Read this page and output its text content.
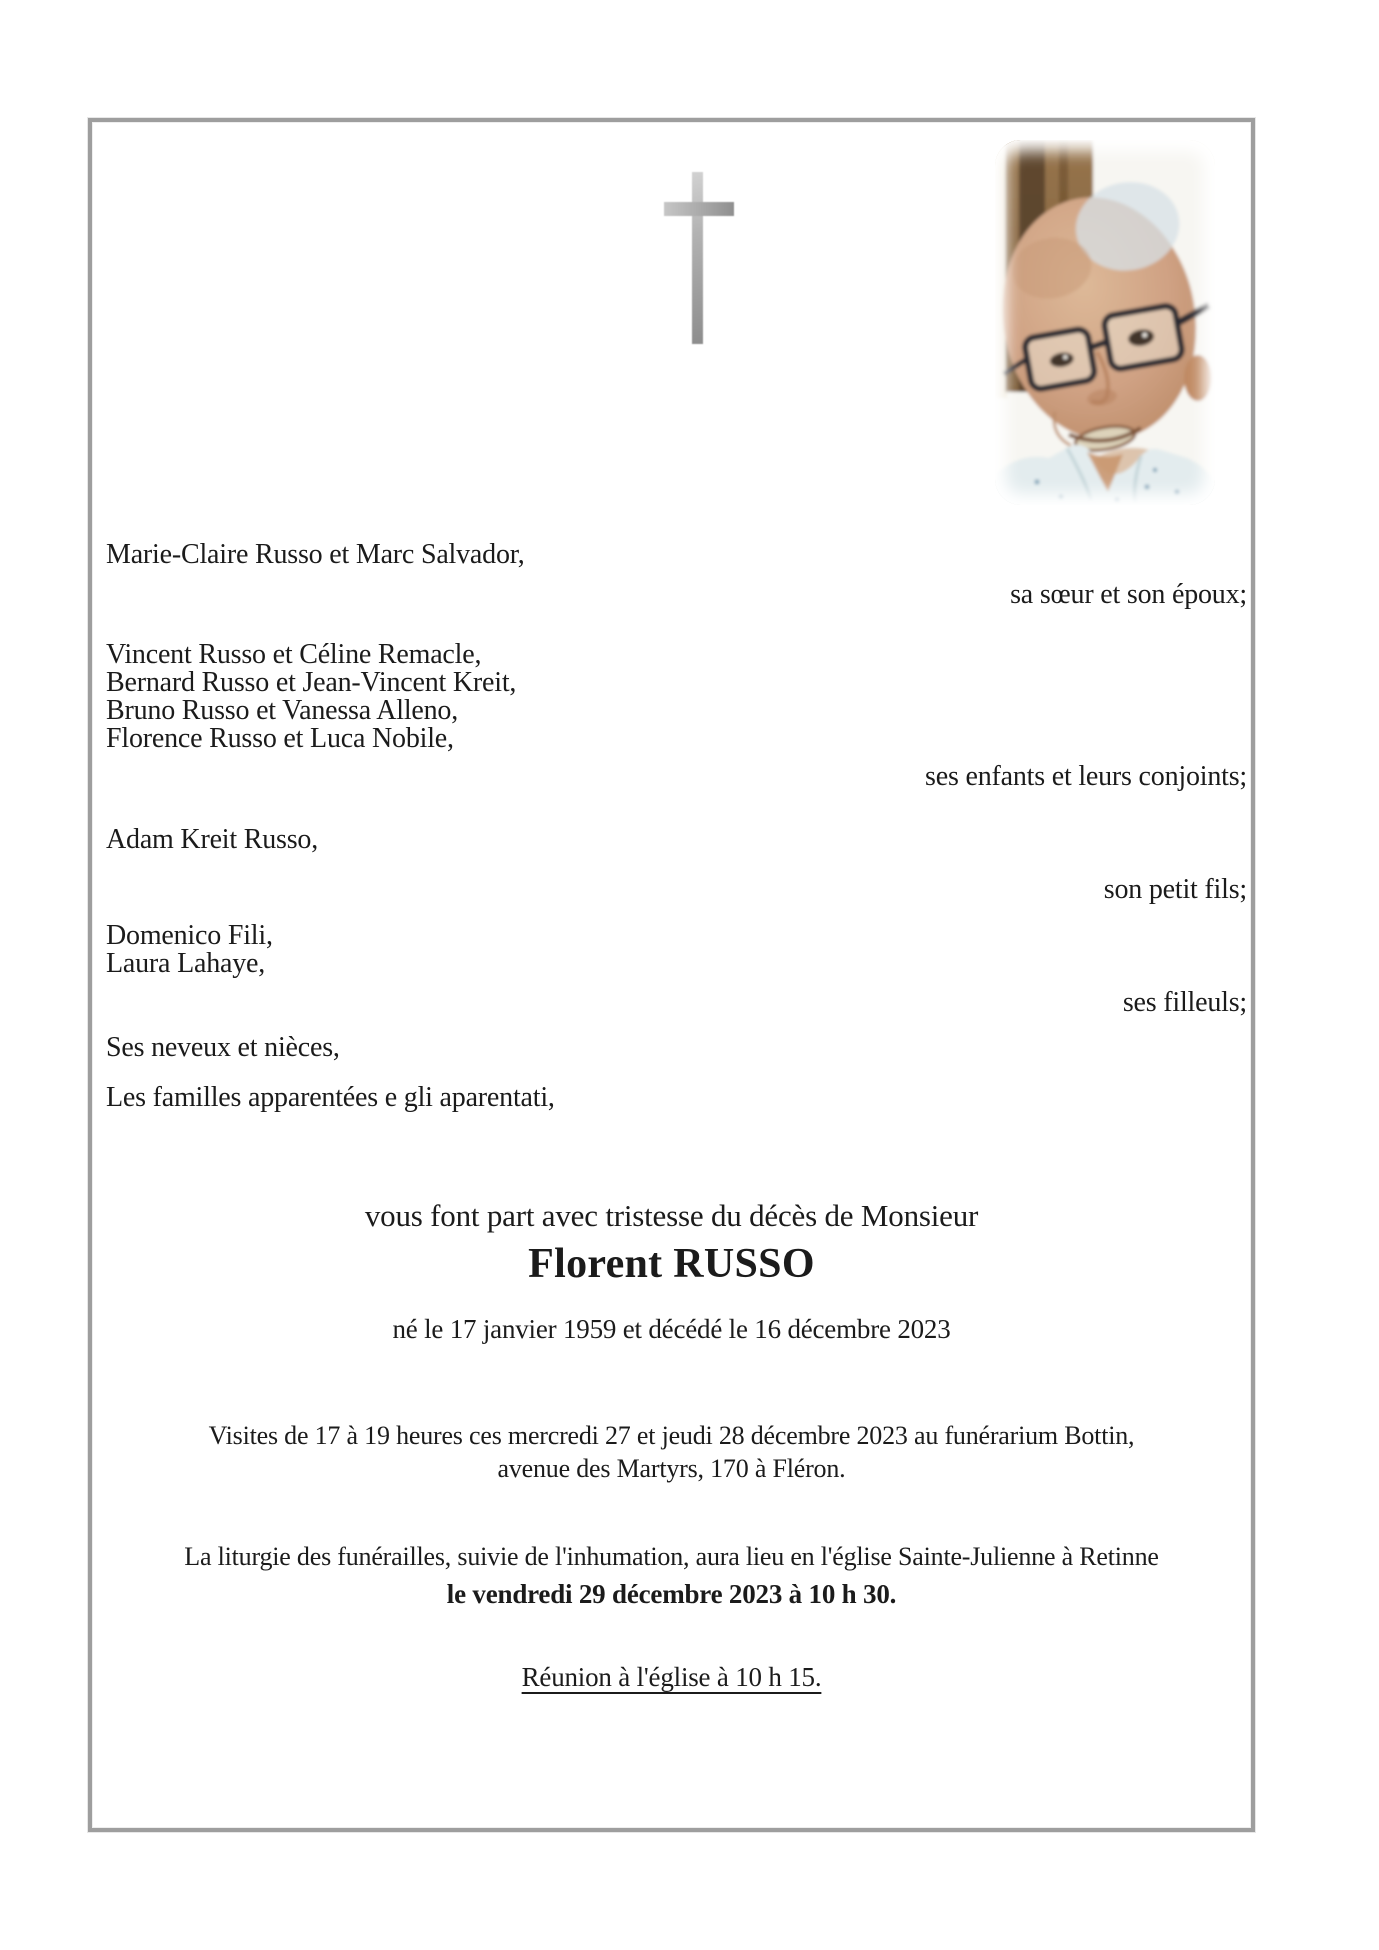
Marie-Claire Russo et Marc Salvador,
sa sœur et son époux;
Vincent Russo et Céline Remacle,
Bernard Russo et Jean-Vincent Kreit,
Bruno Russo et Vanessa Alleno,
Florence Russo et Luca Nobile,
ses enfants et leurs conjoints;
Adam Kreit Russo,
son petit fils;
Domenico Fili,
Laura Lahaye,
ses filleuls;
Ses neveux et nièces,
Les familles apparentées e gli aparentati,
vous font part avec tristesse du décès de Monsieur
Florent RUSSO
né le 17 janvier 1959 et décédé le 16 décembre 2023
Visites de 17 à 19 heures ces mercredi 27 et jeudi 28 décembre 2023 au funérarium Bottin,
avenue des Martyrs, 170 à Fléron.
La liturgie des funérailles, suivie de l'inhumation, aura lieu en l'église Sainte-Julienne à Retinne
le vendredi 29 décembre 2023 à 10 h 30.
Réunion à l'église à 10 h 15.
